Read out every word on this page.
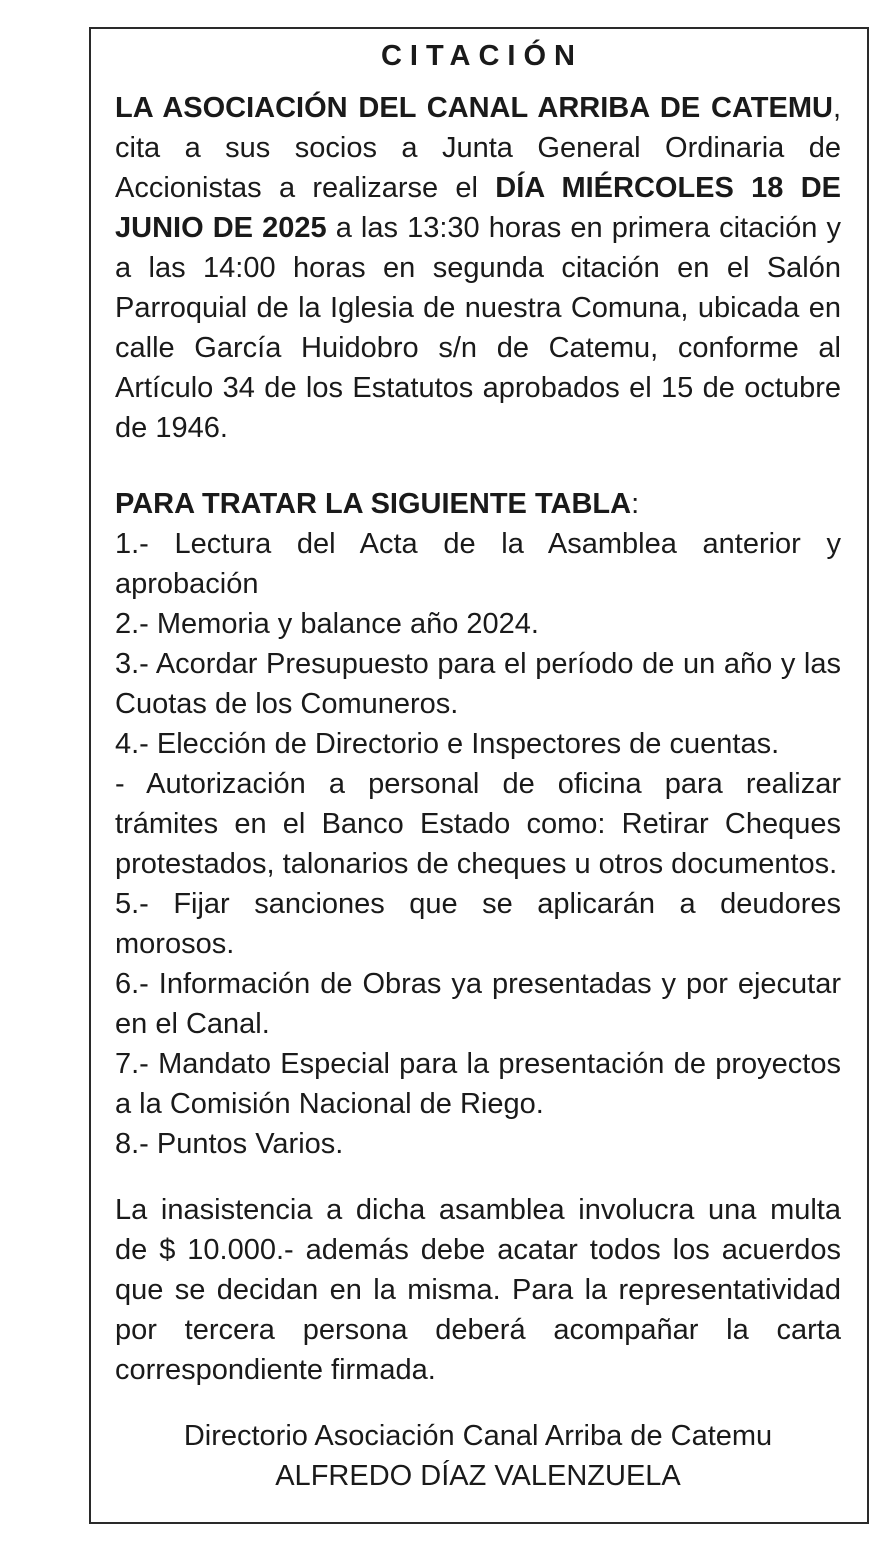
CITACIÓN

LA ASOCIACIÓN DEL CANAL ARRIBA DE CATEMU, cita a sus socios a Junta General Ordinaria de Accionistas a realizarse el DÍA MIÉRCOLES 18 DE JUNIO DE 2025 a las 13:30 horas en primera citación y a las 14:00 horas en segunda citación en el Salón Parroquial de la Iglesia de nuestra Comuna, ubicada en calle García Huidobro s/n de Catemu, conforme al Artículo 34 de los Estatutos aprobados el 15 de octubre de 1946.

PARA TRATAR LA SIGUIENTE TABLA:

1.- Lectura del Acta de la Asamblea anterior y aprobación

2.- Memoria y balance año 2024.

3.- Acordar Presupuesto para el período de un año y las Cuotas de los Comuneros.

4.- Elección de Directorio e Inspectores de cuentas.

- Autorización a personal de oficina para realizar trámites en el Banco Estado como: Retirar Cheques protestados, talonarios de cheques u otros documentos.

5.- Fijar sanciones que se aplicarán a deudores morosos.

6.- Información de Obras ya presentadas y por ejecutar en el Canal.

7.- Mandato Especial para la presentación de proyectos a la Comisión Nacional de Riego.

8.- Puntos Varios.

La inasistencia a dicha asamblea involucra una multa de $ 10.000.- además debe acatar todos los acuerdos que se decidan en la misma. Para la representatividad por tercera persona deberá acompañar la carta correspondiente firmada.

Directorio Asociación Canal Arriba de Catemu
ALFREDO DÍAZ VALENZUELA
